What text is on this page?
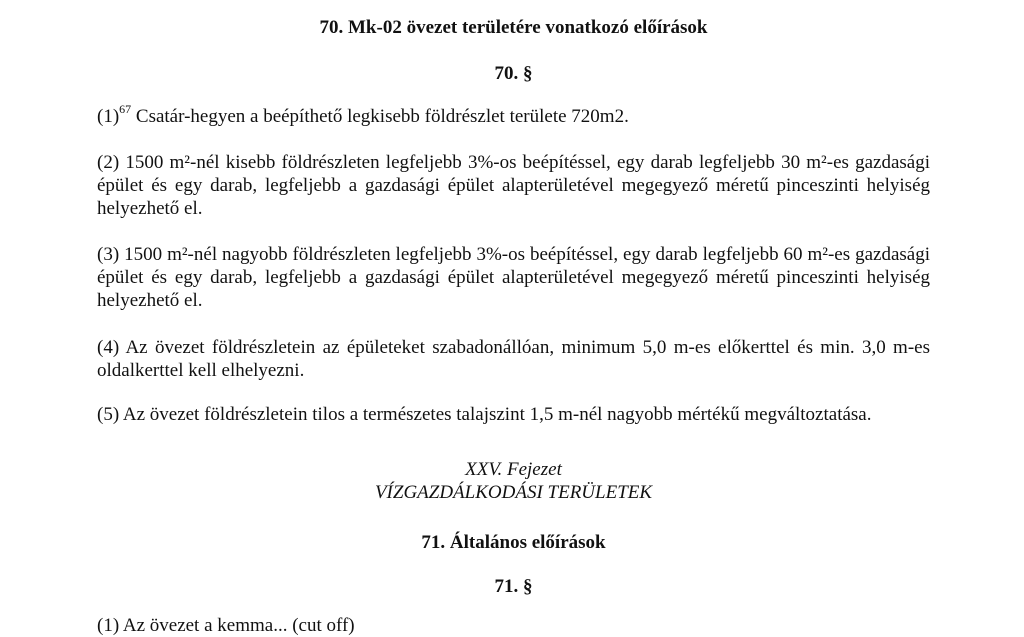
70. Mk-02 övezet területére vonatkozó előírások

70. §

$(1)^{67}$ Csatár-hegyen a beépíthető legkisebb földrészlet területe 720m2.

(2) 1500 m²-nél kisebb földrészleten legfeljebb 3%-os beépítéssel, egy darab legfeljebb 30 m²-es gazdasági épület és egy darab, legfeljebb a gazdasági épület alapterületével megegyező méretű pinceszinti helyiség helyezhető el.

(3) 1500 m²-nél nagyobb földrészleten legfeljebb 3%-os beépítéssel, egy darab legfeljebb 60 m²-es gazdasági épület és egy darab, legfeljebb a gazdasági épület alapterületével megegyező méretű pinceszinti helyiség helyezhető el.

(4) Az övezet földrészletein az épületeket szabadonállóan, minimum 5,0 m-es előkerttel és min. 3,0 m-es oldalkerttel kell elhelyezni.

(5) Az övezet földrészletein tilos a természetes talajszint 1,5 m-nél nagyobb mértékű megváltoztatása.

XXV. Fejezet

VÍZGAZDÁLKODÁSI TERÜLETEK

71. Általános előírások

71. §

(1) Az övezet a kemma... (cut off)
